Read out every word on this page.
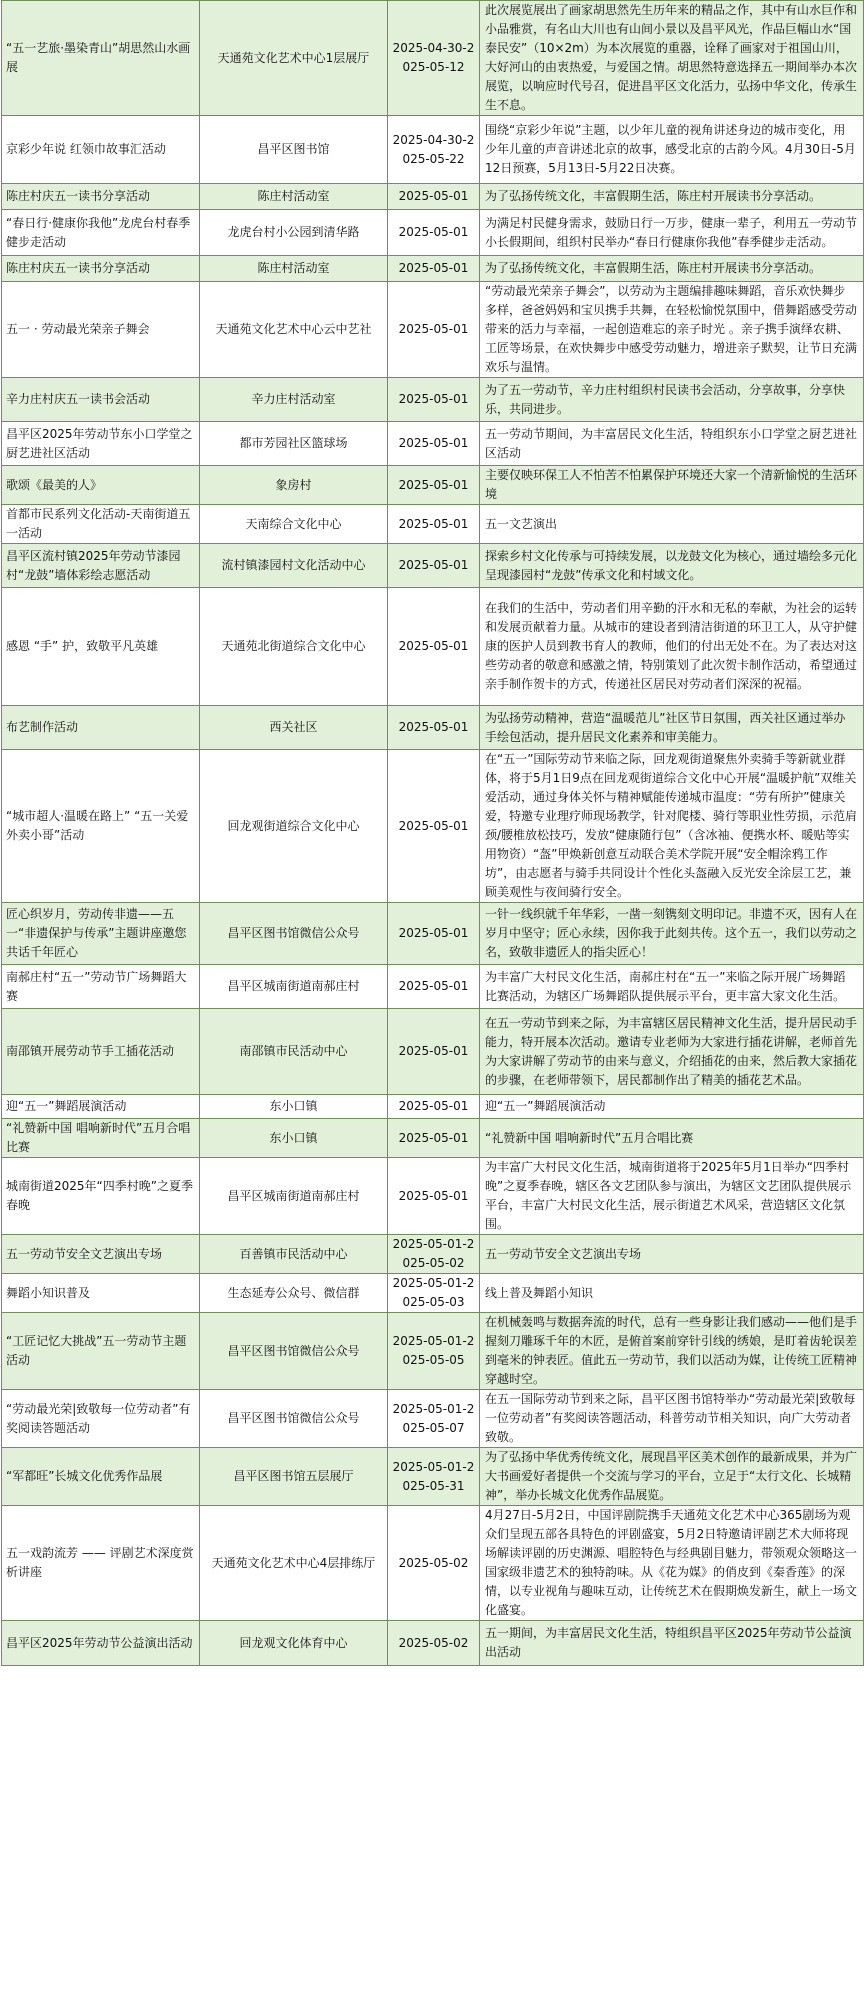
“五一艺旅·墨染青山”胡思然山水画展	天通苑文化艺术中心1层展厅	2025-04-30-2025-05-12	此次展览展出了画家胡思然先生历年来的精品之作，其中有山水巨作和小品雅赏，有名山大川也有山间小景以及昌平风光，作品巨幅山水“国泰民安”（10×2m）为本次展览的重器，诠释了画家对于祖国山川，大好河山的由衷热爱，与爱国之情。胡思然特意选择五一期间举办本次展览，以响应时代号召，促进昌平区文化活力，弘扬中华文化，传承生生不息。
京彩少年说 红领巾故事汇活动	昌平区图书馆	2025-04-30-2025-05-22	围绕“京彩少年说”主题，以少年儿童的视角讲述身边的城市变化，用少年儿童的声音讲述北京的故事，感受北京的古韵今风。4月30日-5月12日预赛，5月13日-5月22日决赛。
陈庄村庆五一读书分享活动	陈庄村活动室	2025-05-01	为了弘扬传统文化，丰富假期生活，陈庄村开展读书分享活动。
“春日行·健康你我他”龙虎台村春季健步走活动	龙虎台村小公园到清华路	2025-05-01	为满足村民健身需求，鼓励日行一万步，健康一辈子，利用五一劳动节小长假期间，组织村民举办“春日行健康你我他”春季健步走活动。
陈庄村庆五一读书分享活动	陈庄村活动室	2025-05-01	为了弘扬传统文化，丰富假期生活，陈庄村开展读书分享活动。
五一 · 劳动最光荣亲子舞会	天通苑文化艺术中心云中艺社	2025-05-01	“劳动最光荣亲子舞会”，以劳动为主题编排趣味舞蹈，音乐欢快舞步多样，爸爸妈妈和宝贝携手共舞，在轻松愉悦氛围中，借舞蹈感受劳动带来的活力与幸福，一起创造难忘的亲子时光 。亲子携手演绎农耕、工匠等场景，在欢快舞步中感受劳动魅力，增进亲子默契，让节日充满欢乐与温情。
辛力庄村庆五一读书会活动	辛力庄村活动室	2025-05-01	为了五一劳动节，辛力庄村组织村民读书会活动，分享故事，分享快乐，共同进步。
昌平区2025年劳动节东小口学堂之厨艺进社区活动	都市芳园社区篮球场	2025-05-01	五一劳动节期间，为丰富居民文化生活，特组织东小口学堂之厨艺进社区活动
歌颂《最美的人》	象房村	2025-05-01	主要仅映环保工人不怕苦不怕累保护环境还大家一个清新愉悦的生活环境
首都市民系列文化活动-天南街道五一活动	天南综合文化中心	2025-05-01	五一文艺演出
昌平区流村镇2025年劳动节漆园村“龙鼓”墙体彩绘志愿活动	流村镇漆园村文化活动中心	2025-05-01	探索乡村文化传承与可持续发展，以龙鼓文化为核心，通过墙绘多元化呈现漆园村“龙鼓”传承文化和村域文化。
感恩 “手” 护，致敬平凡英雄	天通苑北街道综合文化中心	2025-05-01	在我们的生活中，劳动者们用辛勤的汗水和无私的奉献，为社会的运转和发展贡献着力量。从城市的建设者到清洁街道的环卫工人，从守护健康的医护人员到教书育人的教师，他们的付出无处不在。为了表达对这些劳动者的敬意和感激之情，特别策划了此次贺卡制作活动，希望通过亲手制作贺卡的方式，传递社区居民对劳动者们深深的祝福。
布艺制作活动	西关社区	2025-05-01	为弘扬劳动精神，营造“温暖范儿”社区节日氛围，西关社区通过举办手绘包活动，提升居民文化素养和审美能力。
“城市超人·温暖在路上” “五一关爱外卖小哥”活动	回龙观街道综合文化中心	2025-05-01	在“五一”国际劳动节来临之际，回龙观街道聚焦外卖骑手等新就业群体，将于5月1日9点在回龙观街道综合文化中心开展“温暖护航”双维关爱活动，通过身体关怀与精神赋能传递城市温度：“劳有所护”健康关爱，特邀专业理疗师现场教学，针对爬楼、骑行等职业性劳损，示范肩颈/腰椎放松技巧，发放“健康随行包”（含冰袖、便携水杯、暖贴等实用物资）“盔”甲焕新创意互动联合美术学院开展“安全帽涂鸦工作坊”，由志愿者与骑手共同设计个性化头盔融入反光安全涂层工艺，兼顾美观性与夜间骑行安全。
匠心织岁月，劳动传非遗——五一“非遗保护与传承”主题讲座邀您共话千年匠心	昌平区图书馆微信公众号	2025-05-01	一针一线织就千年华彩，一凿一刻镌刻文明印记。非遗不灭，因有人在岁月中坚守；匠心永续，因你我于此刻共传。这个五一，我们以劳动之名，致敬非遗匠人的指尖匠心！
南郝庄村“五一”劳动节广场舞蹈大赛	昌平区城南街道南郝庄村	2025-05-01	为丰富广大村民文化生活，南郝庄村在“五一”来临之际开展广场舞蹈比赛活动，为辖区广场舞蹈队提供展示平台，更丰富大家文化生活。
南邵镇开展劳动节手工插花活动	南邵镇市民活动中心	2025-05-01	在五一劳动节到来之际，为丰富辖区居民精神文化生活，提升居民动手能力，特开展本次活动。邀请专业老师为大家进行插花讲解，老师首先为大家讲解了劳动节的由来与意义，介绍插花的由来，然后教大家插花的步骤，在老师带领下，居民都制作出了精美的插花艺术品。
迎“五一”舞蹈展演活动	东小口镇	2025-05-01	迎“五一”舞蹈展演活动
“礼赞新中国 唱响新时代”五月合唱比赛	东小口镇	2025-05-01	“礼赞新中国 唱响新时代”五月合唱比赛
城南街道2025年“四季村晚”之夏季春晚	昌平区城南街道南郝庄村	2025-05-01	为丰富广大村民文化生活，城南街道将于2025年5月1日举办“四季村晚”之夏季春晚，辖区各文艺团队参与演出，为辖区文艺团队提供展示平台，丰富广大村民文化生活，展示街道艺术风采，营造辖区文化氛围。
五一劳动节安全文艺演出专场	百善镇市民活动中心	2025-05-01-2025-05-02	五一劳动节安全文艺演出专场
舞蹈小知识普及	生态延寿公众号、微信群	2025-05-01-2025-05-03	线上普及舞蹈小知识
“工匠记忆大挑战”五一劳动节主题活动	昌平区图书馆微信公众号	2025-05-01-2025-05-05	在机械轰鸣与数据奔流的时代，总有一些身影让我们感动——他们是手握刻刀雕琢千年的木匠，是俯首案前穿针引线的绣娘，是盯着齿轮误差到毫米的钟表匠。值此五一劳动节，我们以活动为媒，让传统工匠精神穿越时空。
“劳动最光荣|致敬每一位劳动者”有奖阅读答题活动	昌平区图书馆微信公众号	2025-05-01-2025-05-07	在五一国际劳动节到来之际，昌平区图书馆特举办“劳动最光荣|致敬每一位劳动者”有奖阅读答题活动，科普劳动节相关知识，向广大劳动者致敬。
“军都旺”长城文化优秀作品展	昌平区图书馆五层展厅	2025-05-01-2025-05-31	为了弘扬中华优秀传统文化，展现昌平区美术创作的最新成果，并为广大书画爱好者提供一个交流与学习的平台，立足于“太行文化、长城精神”，举办长城文化优秀作品展览。
五一戏韵流芳 —— 评剧艺术深度赏析讲座	天通苑文化艺术中心4层排练厅	2025-05-02	4月27日-5月2日，中国评剧院携手天通苑文化艺术中心365剧场为观众们呈现五部各具特色的评剧盛宴，5月2日特邀请评剧艺术大师将现场解读评剧的历史渊源、唱腔特色与经典剧目魅力，带领观众领略这一国家级非遗艺术的独特韵味。从《花为媒》的俏皮到《秦香莲》的深情，以专业视角与趣味互动，让传统艺术在假期焕发新生，献上一场文化盛宴。
昌平区2025年劳动节公益演出活动	回龙观文化体育中心	2025-05-02	五一期间，为丰富居民文化生活，特组织昌平区2025年劳动节公益演出活动
